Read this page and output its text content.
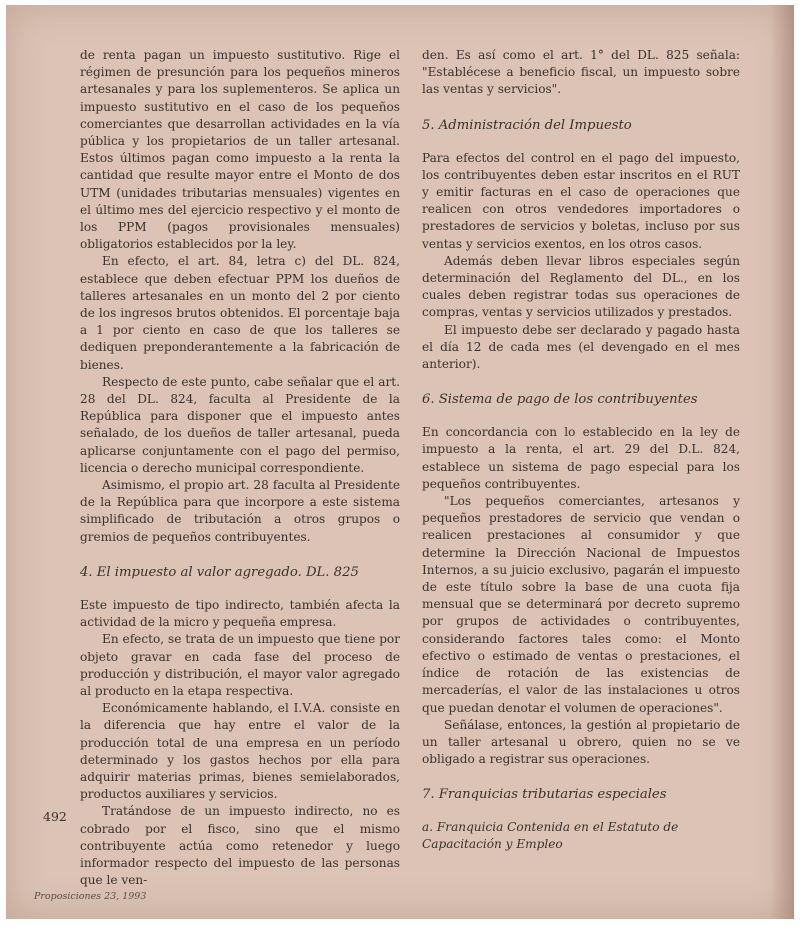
de renta pagan un impuesto sustitutivo. Rige el régimen de presunción para los pequeños mineros artesanales y para los suplementeros. Se aplica un impuesto sustitutivo en el caso de los pequeños comerciantes que desarrollan actividades en la vía pública y los propietarios de un taller artesanal. Estos últimos pagan como impuesto a la renta la cantidad que resulte mayor entre el Monto de dos UTM (unidades tributarias mensuales) vigentes en el último mes del ejercicio respectivo y el monto de los PPM (pagos provisionales mensuales) obligatorios establecidos por la ley.

En efecto, el art. 84, letra c) del DL. 824, establece que deben efectuar PPM los dueños de talleres artesanales en un monto del 2 por ciento de los ingresos brutos obtenidos. El porcentaje baja a 1 por ciento en caso de que los talleres se dediquen preponderantemente a la fabricación de bienes.

Respecto de este punto, cabe señalar que el art. 28 del DL. 824, faculta al Presidente de la República para disponer que el impuesto antes señalado, de los dueños de taller artesanal, pueda aplicarse conjuntamente con el pago del permiso, licencia o derecho municipal correspondiente.

Asimismo, el propio art. 28 faculta al Presidente de la República para que incorpore a este sistema simplificado de tributación a otros grupos o gremios de pequeños contribuyentes.

4. El impuesto al valor agregado. DL. 825

Este impuesto de tipo indirecto, también afecta la actividad de la micro y pequeña empresa.

En efecto, se trata de un impuesto que tiene por objeto gravar en cada fase del proceso de producción y distribución, el mayor valor agregado al producto en la etapa respectiva.

Económicamente hablando, el I.V.A. consiste en la diferencia que hay entre el valor de la producción total de una empresa en un período determinado y los gastos hechos por ella para adquirir materias primas, bienes semielaborados, productos auxiliares y servicios.

Tratándose de un impuesto indirecto, no es cobrado por el fisco, sino que el mismo contribuyente actúa como retenedor y luego informador respecto del impuesto de las personas que le ven-

den. Es así como el art. 1° del DL. 825 señala: "Establécese a beneficio fiscal, un impuesto sobre las ventas y servicios".

5. Administración del Impuesto

Para efectos del control en el pago del impuesto, los contribuyentes deben estar inscritos en el RUT y emitir facturas en el caso de operaciones que realicen con otros vendedores importadores o prestadores de servicios y boletas, incluso por sus ventas y servicios exentos, en los otros casos.

Además deben llevar libros especiales según determinación del Reglamento del DL., en los cuales deben registrar todas sus operaciones de compras, ventas y servicios utilizados y prestados.

El impuesto debe ser declarado y pagado hasta el día 12 de cada mes (el devengado en el mes anterior).

6. Sistema de pago de los contribuyentes

En concordancia con lo establecido en la ley de impuesto a la renta, el art. 29 del D.L. 824, establece un sistema de pago especial para los pequeños contribuyentes.

"Los pequeños comerciantes, artesanos y pequeños prestadores de servicio que vendan o realicen prestaciones al consumidor y que determine la Dirección Nacional de Impuestos Internos, a su juicio exclusivo, pagarán el impuesto de este título sobre la base de una cuota fija mensual que se determinará por decreto supremo por grupos de actividades o contribuyentes, considerando factores tales como: el Monto efectivo o estimado de ventas o prestaciones, el índice de rotación de las existencias de mercaderías, el valor de las instalaciones u otros que puedan denotar el volumen de operaciones".

Señálase, entonces, la gestión al propietario de un taller artesanal u obrero, quien no se ve obligado a registrar sus operaciones.

7. Franquicias tributarias especiales
a. Franquicia Contenida en el Estatuto de Capacitación y Empleo
492
Proposiciones 23, 1993
